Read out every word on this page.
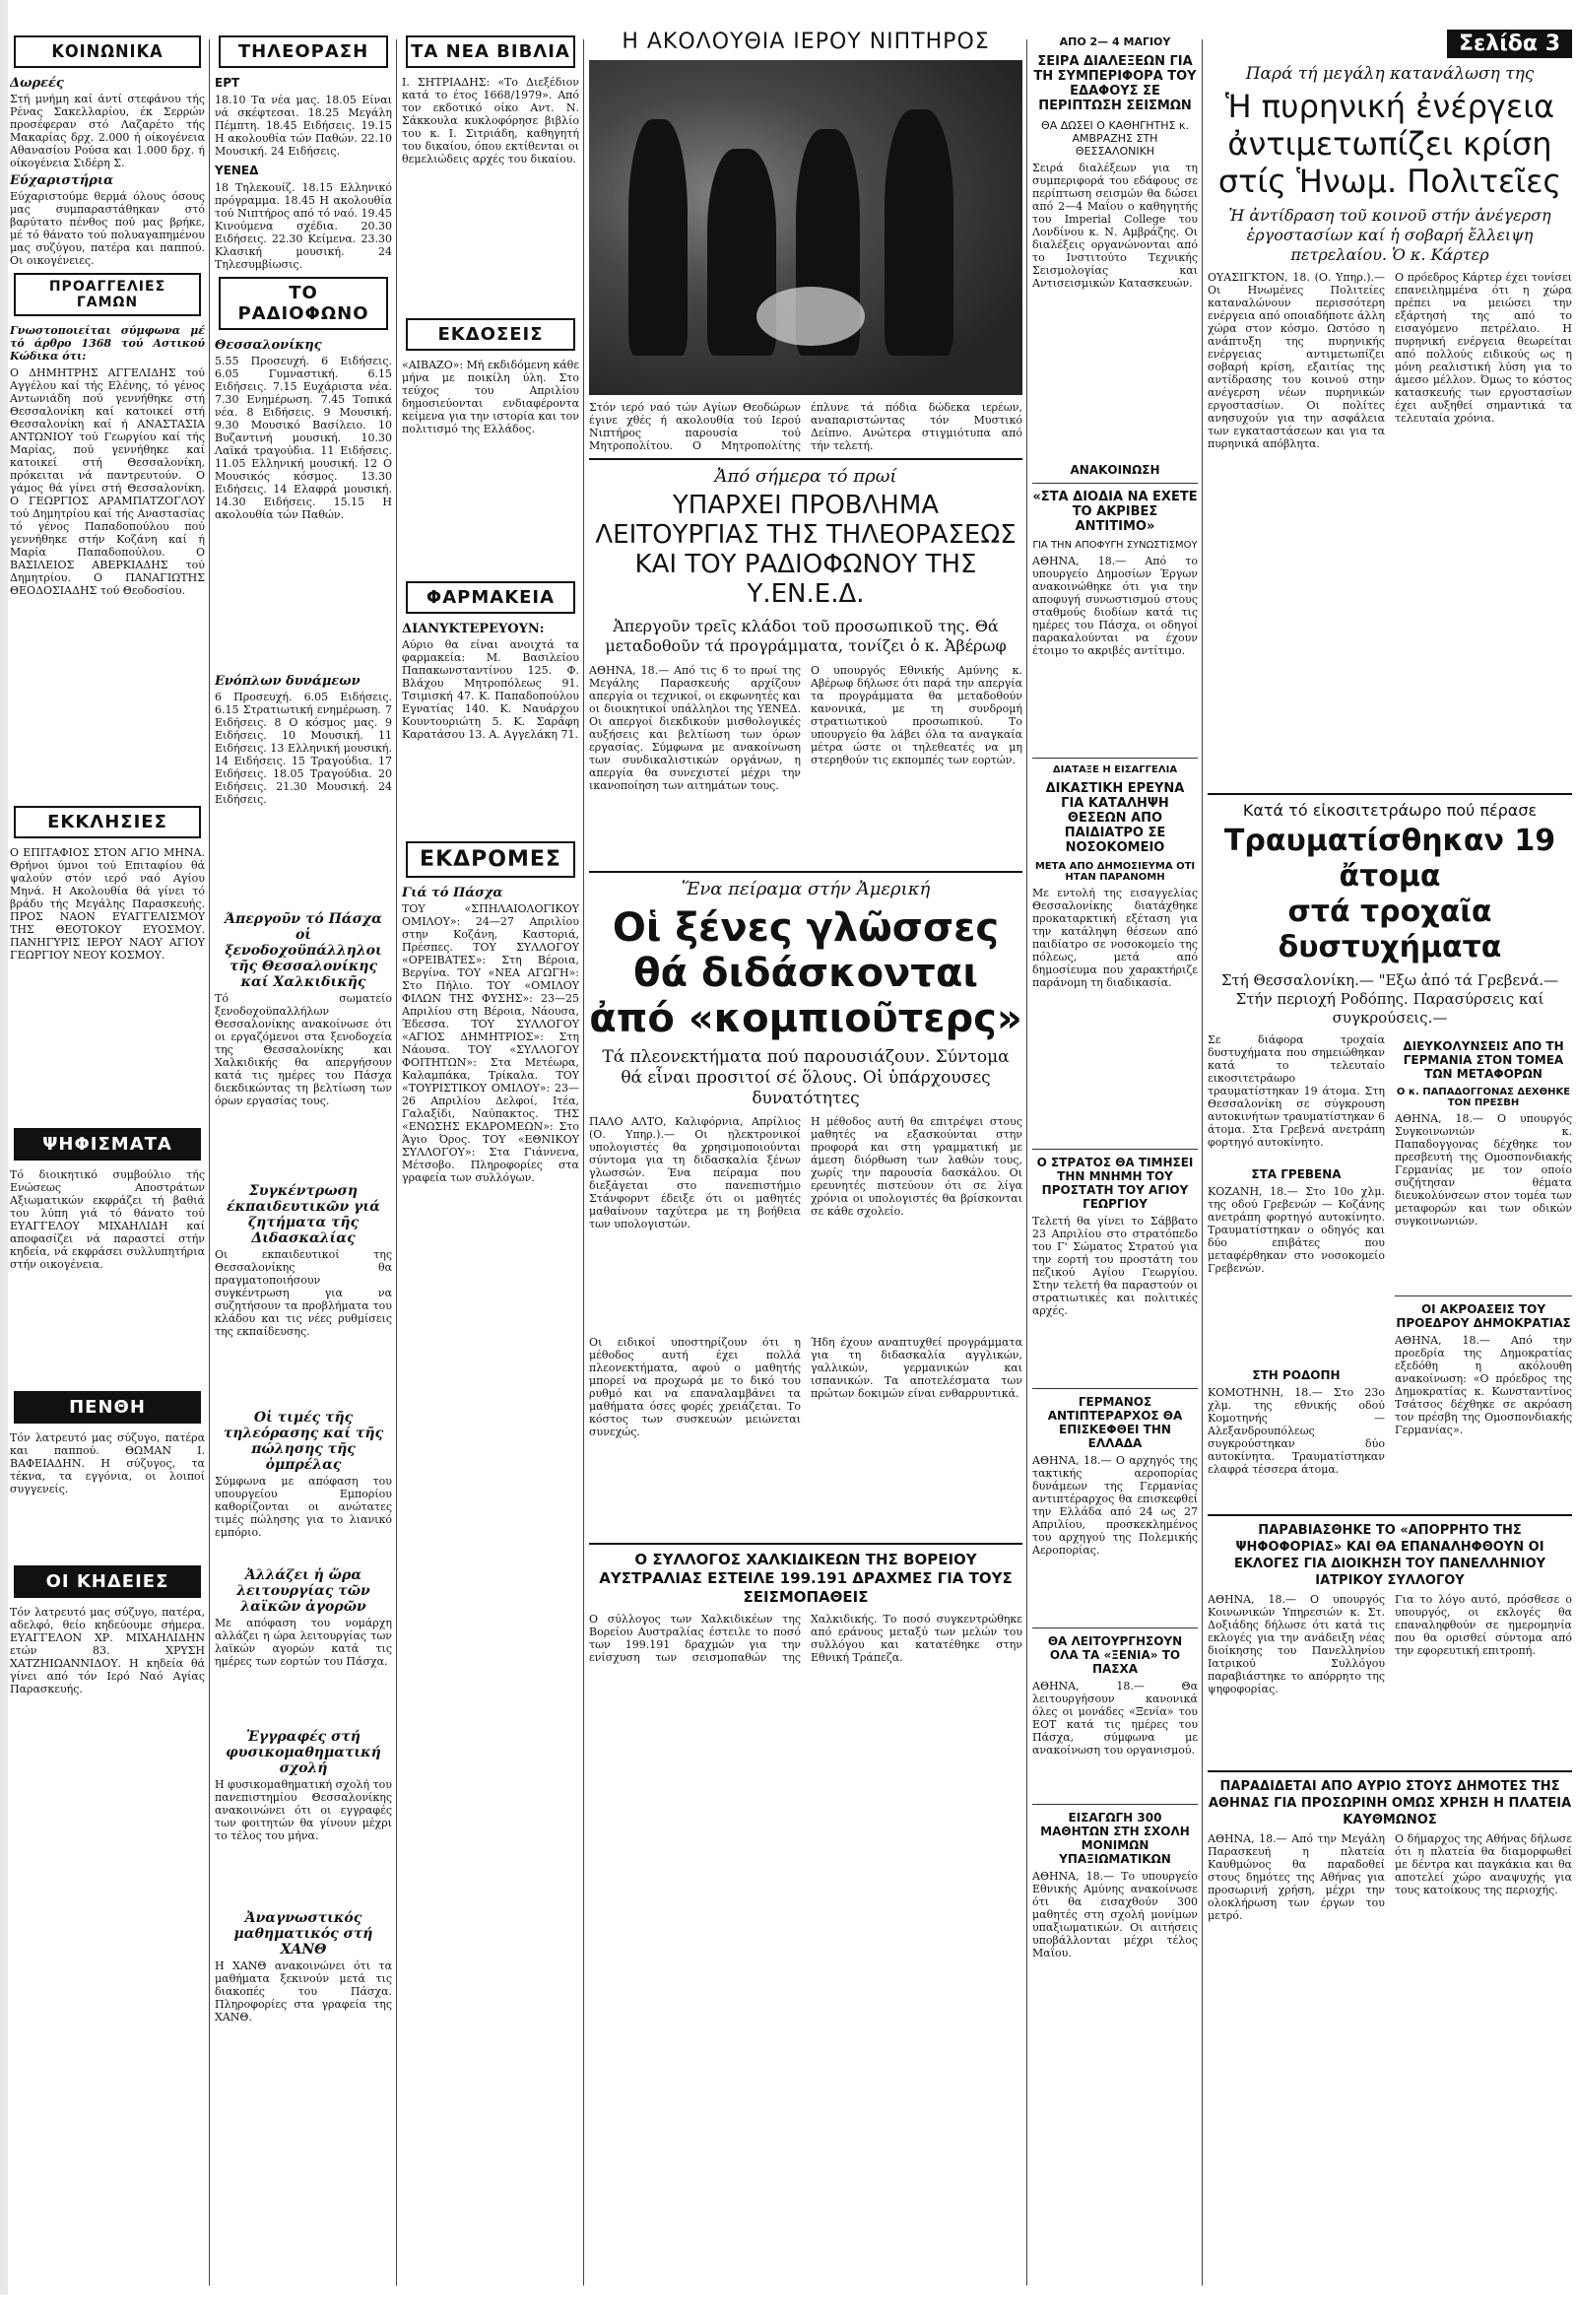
ΚΟΙΝΩΝΙΚΑ
Δωρεές

Στή μνήμη καί άντί στεφάνου τής Ρένας Σακελλαρίου, έκ Σερρών προσέφεραν στό Λαζαρέτο τής Μακαρίας δρχ. 2.000 ή οίκογένεια Αθανασίου Ρούσα και 1.000 δρχ. ή οίκογένεια Σιδέρη Σ.

Εύχαριστήρια

Εύχαριστούμε θερμά όλους όσους μας συμπαραστάθηκαν στό βαρύτατο πένθος πού μας βρήκε, μέ τό θάνατο τού πολυαγαπημένου μας συζύγου, πατέρα και παππού. Οι οικογένειες.

ΠΡΟΑΓΓΕΛΙΕΣ ΓΑΜΩΝ

Γνωστοποιείται σύμφωνα μέ τό άρθρο 1368 τού Αστικού Κώδικα ότι:

Ο ΔΗΜΗΤΡΗΣ ΑΓΓΕΛΙΔΗΣ τού Αγγέλου καί τής Ελένης, τό γένος Αντωνιάδη πού γεννήθηκε στή Θεσσαλονίκη καί κατοικεί στή Θεσσαλονίκη καί ή ΑΝΑΣΤΑΣΙΑ ΑΝΤΩΝΙΟΥ τού Γεωργίου καί τής Μαρίας, πού γεννήθηκε καί κατοικεί στή Θεσσαλονίκη, πρόκειται νά παντρευτούν. Ο γάμος θά γίνει στή Θεσσαλονίκη. Ο ΓΕΩΡΓΙΟΣ ΑΡΑΜΠΑΤΖΟΓΛΟΥ τού Δημητρίου καί τής Αναστασίας τό γένος Παπαδοπούλου πού γεννήθηκε στήν Κοζάνη καί ή Μαρία Παπαδοπούλου. Ο ΒΑΣΙΛΕΙΟΣ ΑΒΕΡΚΙΑΔΗΣ τού Δημητρίου. Ο ΠΑΝΑΓΙΩΤΗΣ ΘΕΟΔΟΣΙΑΔΗΣ τού Θεοδοσίου.

ΕΚΚΛΗΣΙΕΣ

Ο ΕΠΙΤΑΦΙΟΣ ΣΤΟΝ ΑΓΙΟ ΜΗΝΑ. Θρήνοι ύμνοι τού Επιταφίου θά ψαλούν στόν ιερό ναό Αγίου Μηνά. Η Ακολουθία θά γίνει τό βράδυ τής Μεγάλης Παρασκευής. ΠΡΟΣ ΝΑΟΝ ΕΥΑΓΓΕΛΙΣΜΟΥ ΤΗΣ ΘΕΟΤΟΚΟΥ ΕΥΟΣΜΟΥ. ΠΑΝΗΓΥΡΙΣ ΙΕΡΟΥ ΝΑΟΥ ΑΓΙΟΥ ΓΕΩΡΓΙΟΥ ΝΕΟΥ ΚΟΣΜΟΥ.

ΨΗΦΙΣΜΑΤΑ

Τό διοικητικό συμβούλιο τής Ενώσεως Αποστράτων Αξιωματικών εκφράζει τή βαθιά του λύπη γιά τό θάνατο τού ΕΥΑΓΓΕΛΟΥ ΜΙΧΑΗΛΙΔΗ καί αποφασίζει νά παραστεί στήν κηδεία, νά εκφράσει συλλυπητήρια στήν οικογένεια.

ΠΕΝΘΗ

Τόν λατρευτό μας σύζυγο, πατέρα και παππού. ΘΩΜΑΝ Ι. ΒΑΦΕΙΑΔΗΝ. Η σύζυγος, τα τέκνα, τα εγγόνια, οι λοιποί συγγενείς.

ΟΙ ΚΗΔΕΙΕΣ

Τόν λατρευτό μας σύζυγο, πατέρα, αδελφό, θείο κηδεύουμε σήμερα. ΕΥΑΓΓΕΛΟΝ ΧΡ. ΜΙΧΑΗΛΙΔΗΝ ετών 83. ΧΡΥΣΗ ΧΑΤΖΗΙΩΑΝΝΙΔΟΥ. Η κηδεία θά γίνει από τόν Ιερό Ναό Αγίας Παρασκευής.

ΤΗΛΕΟΡΑΣΗ
ΕΡΤ

18.10 Τα νέα μας. 18.05 Είναι νά σκέφτεσαι. 18.25 Μεγάλη Πέμπτη. 18.45 Ειδήσεις. 19.15 Η ακολουθία τών Παθών. 22.10 Μουσική. 24 Ειδήσεις.

ΥΕΝΕΔ

18 Τηλεκουίζ. 18.15 Ελληνικό πρόγραμμα. 18.45 Η ακολουθία τού Νιπτήρος από τό ναό. 19.45 Κινούμενα σχέδια. 20.30 Ειδήσεις. 22.30 Κείμενα. 23.30 Κλασική μουσική. 24 Τηλεσυμβίωσις.

ΤΟ ΡΑΔΙΟΦΩΝΟ
Θεσσαλονίκης

5.55 Προσευχή. 6 Ειδήσεις. 6.05 Γυμναστική. 6.15 Ειδήσεις. 7.15 Ευχάριστα νέα. 7.30 Ενημέρωση. 7.45 Τοπικά νέα. 8 Ειδήσεις. 9 Μουσική. 9.30 Μουσικό Βασίλειο. 10 Βυζαντινή μουσική. 10.30 Λαϊκά τραγούδια. 11 Ειδήσεις. 11.05 Ελληνική μουσική. 12 Ο Μουσικός κόσμος. 13.30 Ειδήσεις. 14 Ελαφρά μουσική. 14.30 Ειδήσεις. 15.15 Η ακολουθία τών Παθών.

Ενόπλων δυνάμεων

6 Προσευχή. 6.05 Ειδήσεις. 6.15 Στρατιωτική ενημέρωση. 7 Ειδήσεις. 8 Ο κόσμος μας. 9 Ειδήσεις. 10 Μουσική. 11 Ειδήσεις. 13 Ελληνική μουσική. 14 Ειδήσεις. 15 Τραγούδια. 17 Ειδήσεις. 18.05 Τραγούδια. 20 Ειδήσεις. 21.30 Μουσική. 24 Ειδήσεις.

Άπεργοῦν τό Πάσχα οἱ ξενοδοχοϋπάλληλοι τῆς Θεσσαλονίκης καί Χαλκιδικῆς

Τό σωματείο ξενοδοχοϋπαλλήλων Θεσσαλονίκης ανακοίνωσε ότι οι εργαζόμενοι στα ξενοδοχεία της Θεσσαλονίκης και Χαλκιδικής θα απεργήσουν κατά τις ημέρες του Πάσχα διεκδικώντας τη βελτίωση των όρων εργασίας τους.

Συγκέντρωση έκπαιδευτικῶν γιά ζητήματα τῆς Διδασκαλίας

Οι εκπαιδευτικοί της Θεσσαλονίκης θα πραγματοποιήσουν συγκέντρωση για να συζητήσουν τα προβλήματα του κλάδου και τις νέες ρυθμίσεις της εκπαίδευσης.

Οἱ τιμές τῆς τηλεόρασης καί τῆς πώλησης τῆς ὀμπρέλας

Σύμφωνα με απόφαση του υπουργείου Εμπορίου καθορίζονται οι ανώτατες τιμές πώλησης για το λιανικό εμπόριο.

Ἀλλάζει ἡ ὥρα λειτουργίας τῶν λαϊκῶν ἀγορῶν

Με απόφαση του νομάρχη αλλάζει η ώρα λειτουργίας των λαϊκών αγορών κατά τις ημέρες των εορτών του Πάσχα.

Ἐγγραφές στή φυσικομαθηματική σχολή

Η φυσικομαθηματική σχολή του πανεπιστημίου Θεσσαλονίκης ανακοινώνει ότι οι εγγραφές των φοιτητών θα γίνουν μέχρι το τέλος του μήνα.

Ἀναγνωστικός μαθηματικός στή ΧΑΝΘ

Η ΧΑΝΘ ανακοινώνει ότι τα μαθήματα ξεκινούν μετά τις διακοπές του Πάσχα. Πληροφορίες στα γραφεία της ΧΑΝΘ.

ΤΑ ΝΕΑ ΒΙΒΛΙΑ

Ι. ΣΗΤΡΙΑΔΗΣ: «Το Διεξέδιον κατά το έτος 1668/1979». Από τον εκδοτικό οίκο Αντ. Ν. Σάκκουλα κυκλοφόρησε βιβλίο του κ. Ι. Σιτριάδη, καθηγητή του δικαίου, όπου εκτίθενται οι θεμελιώδεις αρχές του δικαίου.

ΕΚΔΟΣΕΙΣ

«ΑΙΒΑΖΟ»: Μή εκδιδόμενη κάθε μήνα με ποικίλη ύλη. Στο τεύχος του Απριλίου δημοσιεύονται ενδιαφέροντα κείμενα για την ιστορία και τον πολιτισμό της Ελλάδος.

ΦΑΡΜΑΚΕΙΑ
ΔΙΑΝΥΚΤΕΡΕΥΟΥΝ:

Αύριο θα είναι ανοιχτά τα φαρμακεία: Μ. Βασιλείου Παπακωνσταντίνου 125. Φ. Βλάχου Μητροπόλεως 91. Τσιμισκή 47. Κ. Παπαδοπούλου Εγνατίας 140. Κ. Ναυάρχου Κουντουριώτη 5. Κ. Σαράφη Καρατάσου 13. Α. Αγγελάκη 71.

ΕΚΔΡΟΜΕΣ
Γιά τό Πάσχα

ΤΟΥ «ΣΠΗΛΑΙΟΛΟΓΙΚΟΥ ΟΜΙΛΟΥ»: 24—27 Απριλίου στην Κοζάνη, Καστοριά, Πρέσπες. ΤΟΥ ΣΥΛΛΟΓΟΥ «ΟΡΕΙΒΑΤΕΣ»: Στη Βέροια, Βεργίνα. ΤΟΥ «ΝΕΑ ΑΓΩΓΗ»: Στο Πήλιο. ΤΟΥ «ΟΜΙΛΟΥ ΦΙΛΩΝ ΤΗΣ ΦΥΣΗΣ»: 23—25 Απριλίου στη Βέροια, Νάουσα, Έδεσσα. ΤΟΥ ΣΥΛΛΟΓΟΥ «ΑΓΙΟΣ ΔΗΜΗΤΡΙΟΣ»: Στη Νάουσα. ΤΟΥ «ΣΥΛΛΟΓΟΥ ΦΟΙΤΗΤΩΝ»: Στα Μετέωρα, Καλαμπάκα, Τρίκαλα. ΤΟΥ «ΤΟΥΡΙΣΤΙΚΟΥ ΟΜΙΛΟΥ»: 23—26 Απριλίου Δελφοί, Ιτέα, Γαλαξίδι, Ναύπακτος. ΤΗΣ «ΕΝΩΣΗΣ ΕΚΔΡΟΜΕΩΝ»: Στο Άγιο Όρος. ΤΟΥ «ΕΘΝΙΚΟΥ ΣΥΛΛΟΓΟΥ»: Στα Γιάννενα, Μέτσοβο. Πληροφορίες στα γραφεία των συλλόγων.

Η ΑΚΟΛΟΥΘΙΑ ΙΕΡΟΥ ΝΙΠΤΗΡΟΣ

Στόν ιερό ναό τών Αγίων Θεοδώρων έγινε χθές ή ακολουθία τού Ιερού Νιπτήρος παρουσία τού Μητροπολίτου. Ο Μητροπολίτης έπλυνε τά πόδια δώδεκα ιερέων, αναπαριστώντας τόν Μυστικό Δείπνο. Ανώτερα στιγμιότυπα από τήν τελετή.

Ἀπό σήμερα τό πρωί
ΥΠΑΡΧΕΙ ΠΡΟΒΛΗΜΑ ΛΕΙΤΟΥΡΓΙΑΣ ΤΗΣ ΤΗΛΕΟΡΑΣΕΩΣ
ΚΑΙ ΤΟΥ ΡΑΔΙΟΦΩΝΟΥ ΤΗΣ Υ.ΕΝ.Ε.Δ.
Ἀπεργοῦν τρεῖς κλάδοι τοῦ προσωπικοῦ της. Θά μεταδοθοῦν τά προγράμματα, τονίζει ὁ κ. Ἀβέρωφ

ΑΘΗΝΑ, 18.— Από τις 6 το πρωί της Μεγάλης Παρασκευής αρχίζουν απεργία οι τεχνικοί, οι εκφωνητές και οι διοικητικοί υπάλληλοι της ΥΕΝΕΔ. Οι απεργοί διεκδικούν μισθολογικές αυξήσεις και βελτίωση των όρων εργασίας. Σύμφωνα με ανακοίνωση των συνδικαλιστικών οργάνων, η απεργία θα συνεχιστεί μέχρι την ικανοποίηση των αιτημάτων τους.

Ο υπουργός Εθνικής Αμύνης κ. Αβέρωφ δήλωσε ότι παρά την απεργία τα προγράμματα θα μεταδοθούν κανονικά, με τη συνδρομή στρατιωτικού προσωπικού. Το υπουργείο θα λάβει όλα τα αναγκαία μέτρα ώστε οι τηλεθεατές να μη στερηθούν τις εκπομπές των εορτών.

Ἕνα πείραμα στήν Ἀμερική
Οἱ ξένες γλῶσσες θά διδάσκονται ἀπό «κομπιοῦτερς»
Τά πλεονεκτήματα πού παρουσιάζουν. Σύντομα θά εἶναι προσιτοί σέ ὅλους. Οἱ ὑπάρχουσες δυνατότητες

ΠΑΛΟ ΑΛΤΟ, Καλιφόρνια, Απρίλιος (Ο. Υπηρ.).— Οι ηλεκτρονικοί υπολογιστές θα χρησιμοποιούνται σύντομα για τη διδασκαλία ξένων γλωσσών. Ένα πείραμα που διεξάγεται στο πανεπιστήμιο Στάνφορντ έδειξε ότι οι μαθητές μαθαίνουν ταχύτερα με τη βοήθεια των υπολογιστών.

Οι ειδικοί υποστηρίζουν ότι η μέθοδος αυτή έχει πολλά πλεονεκτήματα, αφού ο μαθητής μπορεί να προχωρά με το δικό του ρυθμό και να επαναλαμβάνει τα μαθήματα όσες φορές χρειάζεται. Το κόστος των συσκευών μειώνεται συνεχώς.

Η μέθοδος αυτή θα επιτρέψει στους μαθητές να εξασκούνται στην προφορά και στη γραμματική με άμεση διόρθωση των λαθών τους, χωρίς την παρουσία δασκάλου. Οι ερευνητές πιστεύουν ότι σε λίγα χρόνια οι υπολογιστές θα βρίσκονται σε κάθε σχολείο.

Ήδη έχουν αναπτυχθεί προγράμματα για τη διδασκαλία αγγλικών, γαλλικών, γερμανικών και ισπανικών. Τα αποτελέσματα των πρώτων δοκιμών είναι ενθαρρυντικά.

Ο ΣΥΛΛΟΓΟΣ ΧΑΛΚΙΔΙΚΕΩΝ ΤΗΣ ΒΟΡΕΙΟΥ ΑΥΣΤΡΑΛΙΑΣ ΕΣΤΕΙΛΕ 199.191 ΔΡΑΧΜΕΣ ΓΙΑ ΤΟΥΣ ΣΕΙΣΜΟΠΑΘΕΙΣ

Ο σύλλογος των Χαλκιδικέων της Βορείου Αυστραλίας έστειλε το ποσό των 199.191 δραχμών για την ενίσχυση των σεισμοπαθών της Χαλκιδικής. Το ποσό συγκεντρώθηκε από εράνους μεταξύ των μελών του συλλόγου και κατατέθηκε στην Εθνική Τράπεζα.

ΑΠΟ 2— 4 ΜΑΓΙΟΥ
ΣΕΙΡΑ ΔΙΑΛΕΞΕΩΝ ΓΙΑ ΤΗ ΣΥΜΠΕΡΙΦΟΡΑ ΤΟΥ ΕΔΑΦΟΥΣ ΣΕ ΠΕΡΙΠΤΩΣΗ ΣΕΙΣΜΩΝ
ΘΑ ΔΩΣΕΙ Ο ΚΑΘΗΓΗΤΗΣ κ. ΑΜΒΡΑΖΗΣ ΣΤΗ ΘΕΣΣΑΛΟΝΙΚΗ

Σειρά διαλέξεων για τη συμπεριφορά του εδάφους σε περίπτωση σεισμών θα δώσει από 2—4 Μαΐου ο καθηγητής του Imperial College του Λονδίνου κ. Ν. Αμβράζης. Οι διαλέξεις οργανώνονται από το Ινστιτούτο Τεχνικής Σεισμολογίας και Αντισεισμικών Κατασκευών.

ΑΝΑΚΟΙΝΩΣΗ
«ΣΤΑ ΔΙΟΔΙΑ ΝΑ ΕΧΕΤΕ ΤΟ ΑΚΡΙΒΕΣ ΑΝΤΙΤΙΜΟ»
ΓΙΑ ΤΗΝ ΑΠΟΦΥΓΗ ΣΥΝΩΣΤΙΣΜΟΥ

ΑΘΗΝΑ, 18.— Από το υπουργείο Δημοσίων Έργων ανακοινώθηκε ότι για την αποφυγή συνωστισμού στους σταθμούς διοδίων κατά τις ημέρες του Πάσχα, οι οδηγοί παρακαλούνται να έχουν έτοιμο το ακριβές αντίτιμο.

ΔΙΑΤΑΞΕ Η ΕΙΣΑΓΓΕΛΙΑ
ΔΙΚΑΣΤΙΚΗ ΕΡΕΥΝΑ ΓΙΑ ΚΑΤΑΛΗΨΗ ΘΕΣΕΩΝ ΑΠΟ ΠΑΙΔΙΑΤΡΟ ΣΕ ΝΟΣΟΚΟΜΕΙΟ
ΜΕΤΑ ΑΠΟ ΔΗΜΟΣΙΕΥΜΑ ΟΤΙ ΗΤΑΝ ΠΑΡΑΝΟΜΗ

Με εντολή της εισαγγελίας Θεσσαλονίκης διατάχθηκε προκαταρκτική εξέταση για την κατάληψη θέσεων από παιδίατρο σε νοσοκομείο της πόλεως, μετά από δημοσίευμα που χαρακτήριζε παράνομη τη διαδικασία.

Ο ΣΤΡΑΤΟΣ ΘΑ ΤΙΜΗΣΕΙ ΤΗΝ ΜΝΗΜΗ ΤΟΥ ΠΡΟΣΤΑΤΗ ΤΟΥ ΑΓΙΟΥ ΓΕΩΡΓΙΟΥ

Τελετή θα γίνει το Σάββατο 23 Απριλίου στο στρατόπεδο του Γ' Σώματος Στρατού για την εορτή του προστάτη του πεζικού Αγίου Γεωργίου. Στην τελετή θα παραστούν οι στρατιωτικές και πολιτικές αρχές.

ΓΕΡΜΑΝΟΣ ΑΝΤΙΠΤΕΡΑΡΧΟΣ ΘΑ ΕΠΙΣΚΕΦΘΕΙ ΤΗΝ ΕΛΛΑΔΑ

ΑΘΗΝΑ, 18.— Ο αρχηγός της τακτικής αεροπορίας δυνάμεων της Γερμανίας αντιπτέραρχος θα επισκεφθεί την Ελλάδα από 24 ως 27 Απριλίου, προσκεκλημένος του αρχηγού της Πολεμικής Αεροπορίας.

ΘΑ ΛΕΙΤΟΥΡΓΗΣΟΥΝ ΟΛΑ ΤΑ «ΞΕΝΙΑ» ΤΟ ΠΑΣΧΑ

ΑΘΗΝΑ, 18.— Θα λειτουργήσουν κανονικά όλες οι μονάδες «Ξενία» του ΕΟΤ κατά τις ημέρες του Πάσχα, σύμφωνα με ανακοίνωση του οργανισμού.

ΕΙΣΑΓΩΓΗ 300 ΜΑΘΗΤΩΝ ΣΤΗ ΣΧΟΛΗ ΜΟΝΙΜΩΝ ΥΠΑΞΙΩΜΑΤΙΚΩΝ

ΑΘΗΝΑ, 18.— Το υπουργείο Εθνικής Αμύνης ανακοίνωσε ότι θα εισαχθούν 300 μαθητές στη σχολή μονίμων υπαξιωματικών. Οι αιτήσεις υποβάλλονται μέχρι τέλος Μαΐου.

Σελίδα 3
Παρά τή μεγάλη κατανάλωση της
Ἡ πυρηνική ἐνέργεια ἀντιμετωπίζει κρίση στίς Ἡνωμ. Πολιτεῖες
Ἡ ἀντίδραση τοῦ κοινοῦ στήν ἀνέγερση ἐργοστασίων καί ἡ σοβαρή ἔλλειψη πετρελαίου. Ὁ κ. Κάρτερ

ΟΥΑΣΙΓΚΤΟΝ, 18. (Ο. Υπηρ.).— Οι Ηνωμένες Πολιτείες καταναλώνουν περισσότερη ενέργεια από οποιαδήποτε άλλη χώρα στον κόσμο. Ωστόσο η ανάπτυξη της πυρηνικής ενέργειας αντιμετωπίζει σοβαρή κρίση, εξαιτίας της αντίδρασης του κοινού στην ανέγερση νέων πυρηνικών εργοστασίων. Οι πολίτες ανησυχούν για την ασφάλεια των εγκαταστάσεων και για τα πυρηνικά απόβλητα.

Ο πρόεδρος Κάρτερ έχει τονίσει επανειλημμένα ότι η χώρα πρέπει να μειώσει την εξάρτησή της από το εισαγόμενο πετρέλαιο. Η πυρηνική ενέργεια θεωρείται από πολλούς ειδικούς ως η μόνη ρεαλιστική λύση για το άμεσο μέλλον. Όμως το κόστος κατασκευής των εργοστασίων έχει αυξηθεί σημαντικά τα τελευταία χρόνια.

Κατά τό εἰκοσιτετράωρο πού πέρασε
Τραυματίσθηκαν 19 ἄτομα
στά τροχαῖα δυστυχήματα
Στή Θεσσαλονίκη.— "Εξω ἀπό τά Γρεβενά.— Στήν περιοχή Ροδόπης. Παρασύρσεις καί συγκρούσεις.—

Σε διάφορα τροχαία δυστυχήματα που σημειώθηκαν κατά το τελευταίο εικοσιτετράωρο τραυματίστηκαν 19 άτομα. Στη Θεσσαλονίκη σε σύγκρουση αυτοκινήτων τραυματίστηκαν 6 άτομα. Στα Γρεβενά ανετράπη φορτηγό αυτοκίνητο.

ΣΤΑ ΓΡΕΒΕΝΑ

ΚΟΖΑΝΗ, 18.— Στο 10ο χλμ. της οδού Γρεβενών — Κοζάνης ανετράπη φορτηγό αυτοκίνητο. Τραυματίστηκαν ο οδηγός και δύο επιβάτες που μεταφέρθηκαν στο νοσοκομείο Γρεβενών.

ΣΤΗ ΡΟΔΟΠΗ

ΚΟΜΟΤΗΝΗ, 18.— Στο 23ο χλμ. της εθνικής οδού Κομοτηνής — Αλεξανδρουπόλεως συγκρούστηκαν δύο αυτοκίνητα. Τραυματίστηκαν ελαφρά τέσσερα άτομα.

ΔΙΕΥΚΟΛΥΝΣΕΙΣ ΑΠΟ ΤΗ ΓΕΡΜΑΝΙΑ ΣΤΟΝ ΤΟΜΕΑ ΤΩΝ ΜΕΤΑΦΟΡΩΝ
Ο κ. ΠΑΠΑΔΟΓΓΟΝΑΣ ΔΕΧΘΗΚΕ ΤΟΝ ΠΡΕΣΒΗ

ΑΘΗΝΑ, 18.— Ο υπουργός Συγκοινωνιών κ. Παπαδογγονας δέχθηκε τον πρεσβευτή της Ομοσπονδιακής Γερμανίας με τον οποίο συζήτησαν θέματα διευκολύνσεων στον τομέα των μεταφορών και των οδικών συγκοινωνιών.

ΟΙ ΑΚΡΟΑΣΕΙΣ ΤΟΥ ΠΡΟΕΔΡΟΥ ΔΗΜΟΚΡΑΤΙΑΣ

ΑΘΗΝΑ, 18.— Από την προεδρία της Δημοκρατίας εξεδόθη η ακόλουθη ανακοίνωση: «Ο πρόεδρος της Δημοκρατίας κ. Κωνσταντίνος Τσάτσος δέχθηκε σε ακρόαση τον πρέσβη της Ομοσπονδιακής Γερμανίας».

ΠΑΡΑΒΙΑΣΘΗΚΕ ΤΟ «ΑΠΟΡΡΗΤΟ ΤΗΣ ΨΗΦΟΦΟΡΙΑΣ» ΚΑΙ ΘΑ ΕΠΑΝΑΛΗΦΘΟΥΝ ΟΙ ΕΚΛΟΓΕΣ ΓΙΑ ΔΙΟΙΚΗΣΗ ΤΟΥ ΠΑΝΕΛΛΗΝΙΟΥ ΙΑΤΡΙΚΟΥ ΣΥΛΛΟΓΟΥ

ΑΘΗΝΑ, 18.— Ο υπουργός Κοινωνικών Υπηρεσιών κ. Στ. Δοξιάδης δήλωσε ότι κατά τις εκλογές για την ανάδειξη νέας διοίκησης του Πανελληνίου Ιατρικού Συλλόγου παραβιάστηκε το απόρρητο της ψηφοφορίας.

Για το λόγο αυτό, πρόσθεσε ο υπουργός, οι εκλογές θα επαναληφθούν σε ημερομηνία που θα ορισθεί σύντομα από την εφορευτική επιτροπή.

ΠΑΡΑΔΙΔΕΤΑΙ ΑΠΟ ΑΥΡΙΟ ΣΤΟΥΣ ΔΗΜΟΤΕΣ ΤΗΣ ΑΘΗΝΑΣ ΓΙΑ ΠΡΟΣΩΡΙΝΗ ΟΜΩΣ ΧΡΗΣΗ Η ΠΛΑΤΕΙΑ ΚΑΥΘΜΩΝΟΣ

ΑΘΗΝΑ, 18.— Από την Μεγάλη Παρασκευή η πλατεία Καυθμώνος θα παραδοθεί στους δημότες της Αθήνας για προσωρινή χρήση, μέχρι την ολοκλήρωση των έργων του μετρό.

Ο δήμαρχος της Αθήνας δήλωσε ότι η πλατεία θα διαμορφωθεί με δέντρα και παγκάκια και θα αποτελεί χώρο αναψυχής για τους κατοίκους της περιοχής.
